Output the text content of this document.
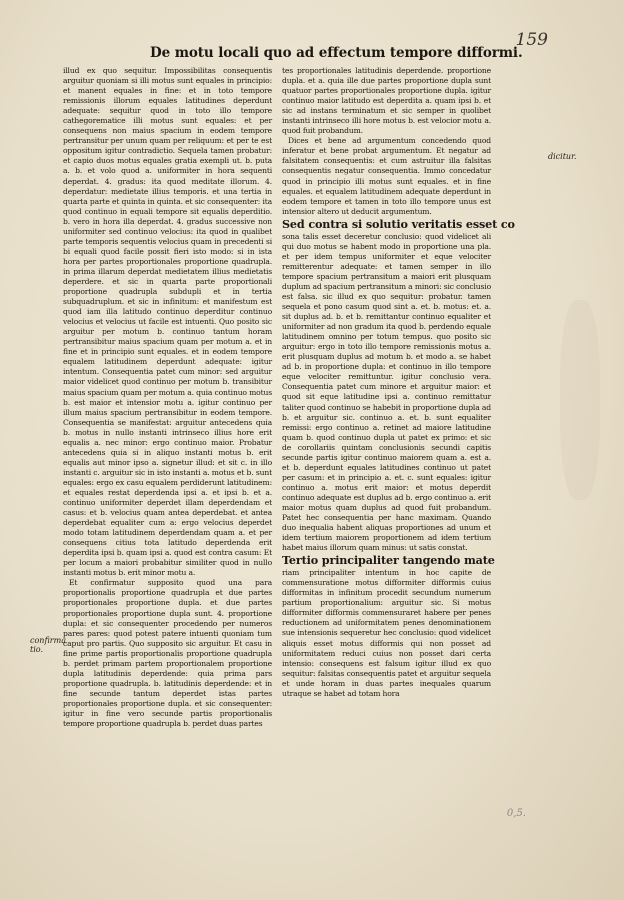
159
De motu locali quo ad effectum tempore difformi.

illud ex quo sequitur. Impossibilitas consequentis arguitur quoniam si illi motus sunt equales in principio: et manent equales in fine: et in toto tempore remissionis illorum equales latitudines deperdunt adequate: sequitur quod in toto illo tempore cathegorematice illi motus sunt equales: et per consequens non maius spacium in eodem tempore pertransitur per unum quam per reliquum: et per te est oppositum igitur contradictio. Sequela tamen probatur: et capio duos motus equales gratia exempli ut. b. puta a. b. et volo quod a. uniformiter in hora sequenti deperdat. 4. gradus: ita quod meditate illorum. 4. deperdatur: medietate illius temporis. et una tertia in quarta parte et quinta in quinta. et sic consequenter: ita quod continuo in equali tempore sit equalis deperditio. b. vero in hora illa deperdat. 4. gradus successive non uniformiter sed continuo velocius: ita quod in qualibet parte temporis sequentis velocius quam in precedenti si bi equali quod facile possit fieri isto modo: si in ista hora per partes proportionales proportione quadrupla. in prima illarum deperdat medietatem illius medietatis deperdere. et sic in quarta parte proportionali proportione quadrupla subdupli et in tertia subquadruplum. et sic in infinitum: et manifestum est quod iam illa latitudo continuo deperditur continuo velocius et velocius ut facile est intuenti. Quo posito sic arguitur per motum b. continuo tantum horam pertransibitur maius spacium quam per motum a. et in fine et in principio sunt equales. et in eodem tempore equalem latitudinem deperdunt adequate: igitur intentum. Consequentia patet cum minor: sed arguitur maior videlicet quod continuo per motum b. transibitur maius spacium quam per motum a. quia continuo motus b. est maior et intensior motu a. igitur continuo per illum maius spacium pertransibitur in eodem tempore. Consequentia se manifestat: arguitur antecedens quia b. motus in nullo instanti intrinseco illius hore erit equalis a. nec minor: ergo continuo maior. Probatur antecedens quia si in aliquo instanti motus b. erit equalis aut minor ipso a. signetur illud: et sit c. in illo instanti c. arguitur sic in isto instanti a. motus et b. sunt equales: ergo ex casu equalem perdiderunt latitudinem: et equales restat deperdenda ipsi a. et ipsi b. et a. continuo uniformiter deperdet illam deperdendam et casus: et b. velocius quam antea deperdebat. et antea deperdebat equaliter cum a: ergo velocius deperdet modo totam latitudinem deperdendam quam a. et per consequens citius tota latitudo deperdenda erit deperdita ipsi b. quam ipsi a. quod est contra casum: Et per locum a maiori probabitur similiter quod in nullo instanti motus b. erit minor motu a.

Et confirmatur supposito quod una para proportionalis proportione quadrupla et due partes proportionales proportione dupla. et due partes proportionales proportione dupla sunt. 4. proportione dupla: et sic consequenter procedendo per numeros pares pares: quod potest patere intuenti quoniam tum caput pro partis. Quo supposito sic arguitur. Et casu in fine prime partis proportionalis proportione quadrupla b. perdet primam partem proportionalem proportione dupla latitudinis deperdende: quia prima pars proportione quadrupla. b. latitudinis deperdende: et in fine secunde tantum deperdet istas partes proportionales proportione dupla. et sic consequenter: igitur in fine vero secunde partis proportionalis tempore proportione quadrupla b. perdet duas partes

tes proportionales latitudinis deperdende. proportione dupla. et a. quia ille due partes proportione dupla sunt quatuor partes proportionales proportione dupla. igitur continuo maior latitudo est deperdita a. quam ipsi b. et sic ad instans terminatum et sic semper in quolibet instanti intrinseco illi hore motus b. est velocior motu a. quod fuit probandum.

Dices et bene ad argumentum concedendo quod inferatur et bene probat argumentum. Et negatur ad falsitatem consequentis: et cum astruitur illa falsitas consequentis negatur consequentia. Immo concedatur quod in principio illi motus sunt equales. et in fine equales. et equalem latitudinem adequate deperdunt in eodem tempore et tamen in toto illo tempore unus est intensior altero ut deducit argumentum.

Sed contra si solutio veritatis esset co

sona talis esset deceretur conclusio: quod videlicet ali qui duo motus se habent modo in proportione una pla. et per idem tempus uniformiter et eque velociter remitterentur adequate: et tamen semper in illo tempore spacium pertransitum a maiori erit plusquam duplum ad spacium pertransitum a minori: sic conclusio est falsa. sic illud ex quo sequitur: probatur. tamen sequela et pono casum quod sint a. et. b. motus: et. a. sit duplus ad. b. et b. remittantur continuo equaliter et uniformiter ad non gradum ita quod b. perdendo equale latitudinem omnino per totum tempus. quo posito sic arguitur: ergo in toto illo tempore remissionis motus a. erit plusquam duplus ad motum b. et modo a. se habet ad b. in proportione dupla: et continuo in illo tempore eque velociter remittuntur. igitur conclusio vera. Consequentia patet cum minore et arguitur maior: et quod sit eque latitudine ipsi a. continuo remittatur taliter quod continuo se habebit in proportione dupla ad b. et arguitur sic. continuo a. et. b. sunt equaliter remissi: ergo continuo a. retinet ad maiore latitudine quam b. quod continuo dupla ut patet ex primo: et sic de corollariis quintam conclusionis secundi capitis secunde partis igitur continuo maiorem quam a. est a. et b. deperdunt equales latitudines continuo ut patet per casum: et in principio a. et. c. sunt equales: igitur continuo a. motus erit maior: et motus deperdit continuo adequate est duplus ad b. ergo continuo a. erit maior motus quam duplus ad quod fuit probandum. Patet hec consequentia per hanc maximam. Quando duo inequalia habent aliquas proportiones ad unum et idem tertium maiorem proportionem ad idem tertium habet maius illorum quam minus: ut satis constat.

Tertio principaliter tangendo mate

riam principaliter intentum in hoc capite de commensuratione motus difformiter difformis cuius difformitas in infinitum procedit secundum numerum partium proportionalium: arguitur sic. Si motus difformiter difformis commensuraret habere per penes reductionem ad uniformitatem penes denominationem sue intensionis sequeretur hec conclusio: quod videlicet aliquis esset motus difformis qui non posset ad uniformitatem reduci cuius non posset dari certa intensio: consequens est falsum igitur illud ex quo sequitur: falsitas consequentis patet et arguitur sequela et unde horam in duas partes inequales quarum utraque se habet ad totam hora

confirma tio.
dicitur.
0,5.
